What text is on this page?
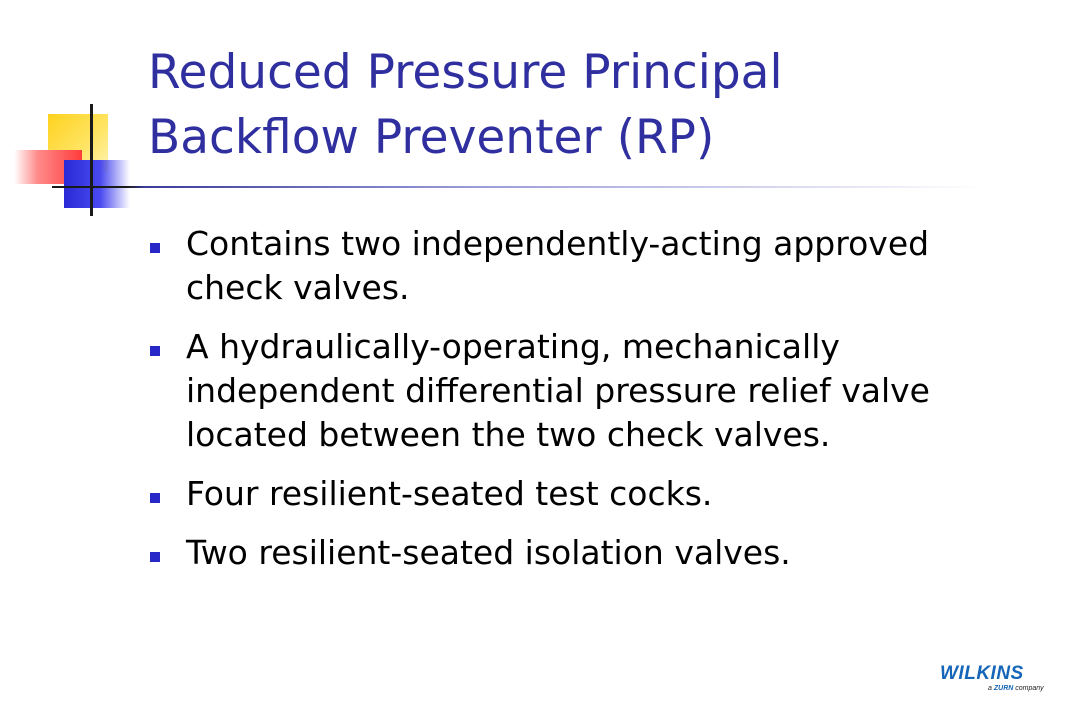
Reduced Pressure Principal
Backflow Preventer (RP)
Contains two independently-acting approved
check valves.
A hydraulically-operating, mechanically
independent differential pressure relief valve
located between the two check valves.
Four resilient-seated test cocks.
Two resilient-seated isolation valves.
WILKINS
a ZURN company
